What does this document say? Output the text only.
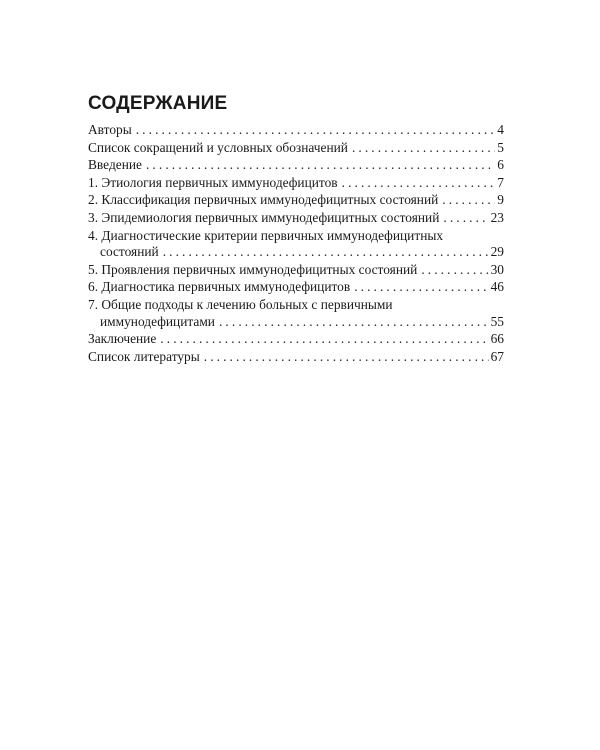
СОДЕРЖАНИЕ
Авторы .....	4
Список сокращений и условных обозначений .....	5
Введение .....	6
1. Этиология первичных иммунодефицитов .....	7
2. Классификация первичных иммунодефицитных состояний .....	9
3. Эпидемиология первичных иммунодефицитных состояний .....	23
4. Диагностические критерии первичных иммунодефицитных
состояний .....	29
5. Проявления первичных иммунодефицитных состояний .....	30
6. Диагностика первичных иммунодефицитов .....	46
7. Общие подходы к лечению больных с первичными
иммунодефицитами .....	55
Заключение .....	66
Список литературы .....	67
